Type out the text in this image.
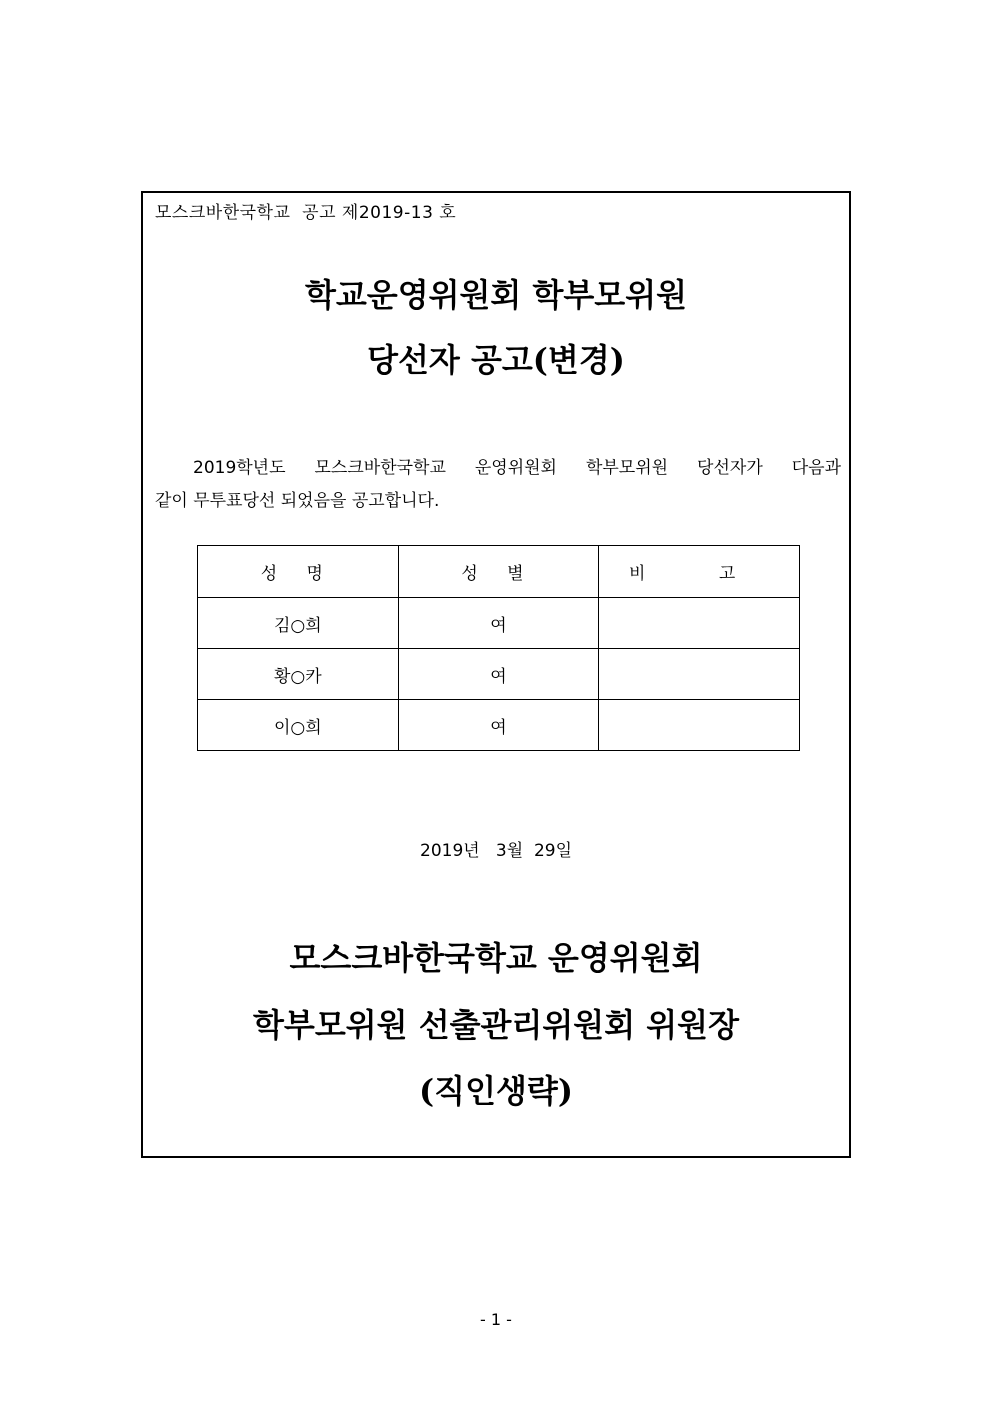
모스크바한국학교  공고 제2019-13 호
학교운영위원회 학부모위원
당선자 공고(변경)
2019학년도 모스크바한국학교 운영위원회 학부모위원 당선자가 다음과
같이 무투표당선 되었음을 공고합니다.
성 명	성 별	비 고
김○희	여	
황○카	여	
이○희	여	
2019년   3월  29일
모스크바한국학교 운영위원회
학부모위원 선출관리위원회 위원장
(직인생략)
- 1 -
